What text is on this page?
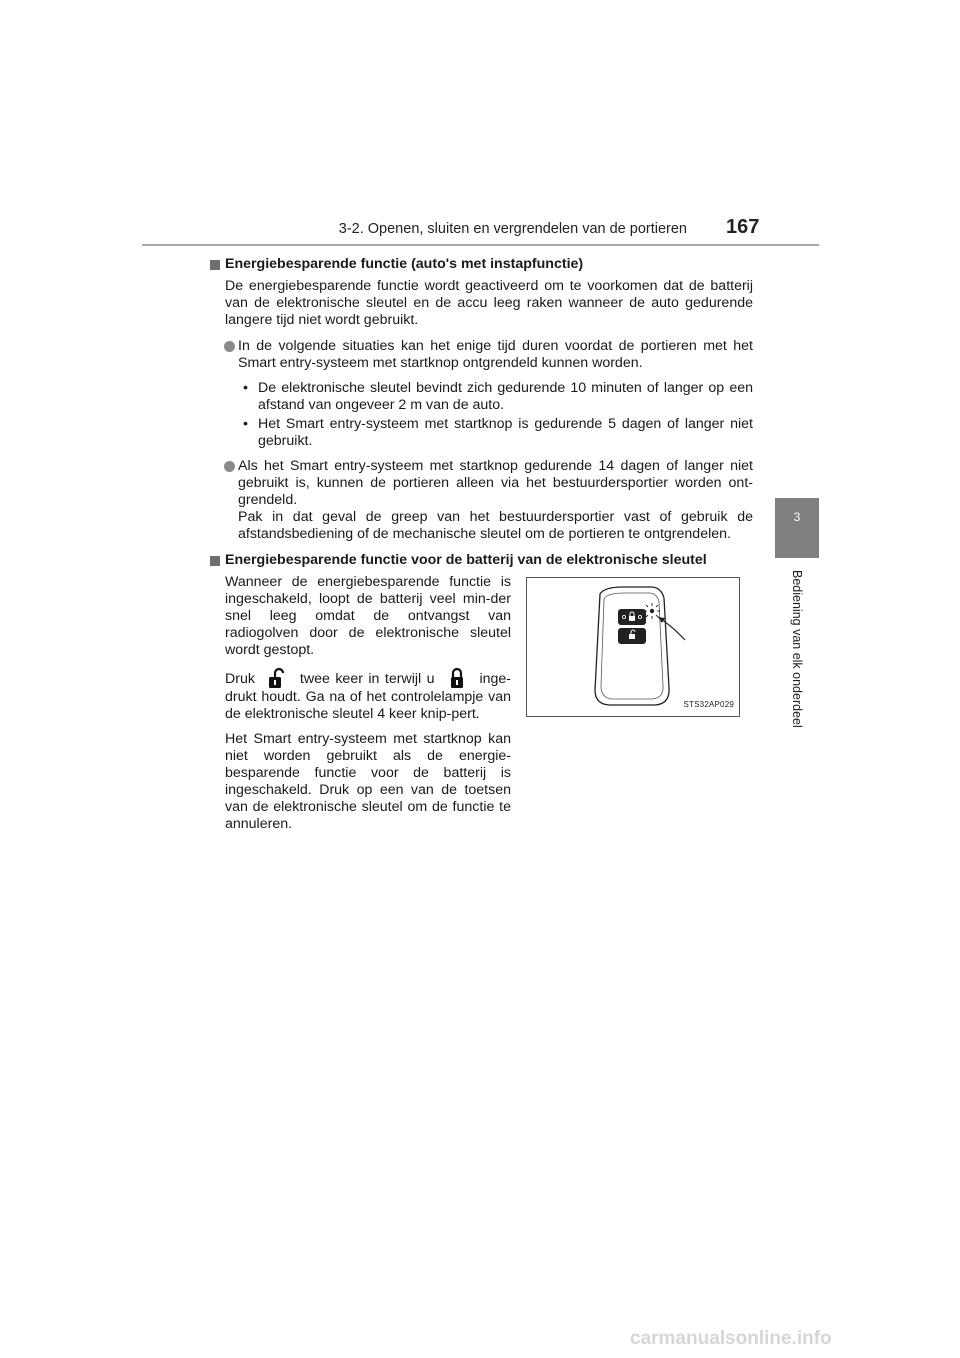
3-2. Openen, sluiten en vergrendelen van de portieren 167
3
Bediening van elk onderdeel
Energiebesparende functie (auto's met instapfunctie)
De energiebesparende functie wordt geactiveerd om te voorkomen dat de batterij van de elektronische sleutel en de accu leeg raken wanneer de auto gedurende langere tijd niet wordt gebruikt.
In de volgende situaties kan het enige tijd duren voordat de portieren met het Smart entry-systeem met startknop ontgrendeld kunnen worden.
• De elektronische sleutel bevindt zich gedurende 10 minuten of langer op een afstand van ongeveer 2 m van de auto.
• Het Smart entry-systeem met startknop is gedurende 5 dagen of langer niet gebruikt.
Als het Smart entry-systeem met startknop gedurende 14 dagen of langer niet gebruikt is, kunnen de portieren alleen via het bestuurdersportier worden ont-grendeld.
Pak in dat geval de greep van het bestuurdersportier vast of gebruik de afstandsbediening of de mechanische sleutel om de portieren te ontgrendelen.
Energiebesparende functie voor de batterij van de elektronische sleutel

Wanneer de energiebesparende functie is ingeschakeld, loopt de batterij veel min-der snel leeg omdat de ontvangst van radiogolven door de elektronische sleutel wordt gestopt.

Druk	twee keer in terwijl u	inge-drukt houdt. Ga na of het controlelampje van de elektronische sleutel 4 keer knip-pert.

Het Smart entry-systeem met startknop kan niet worden gebruikt als de energie-besparende functie voor de batterij is ingeschakeld. Druk op een van de toetsen van de elektronische sleutel om de functie te annuleren.

STS32AP029
carmanualsonline.info
